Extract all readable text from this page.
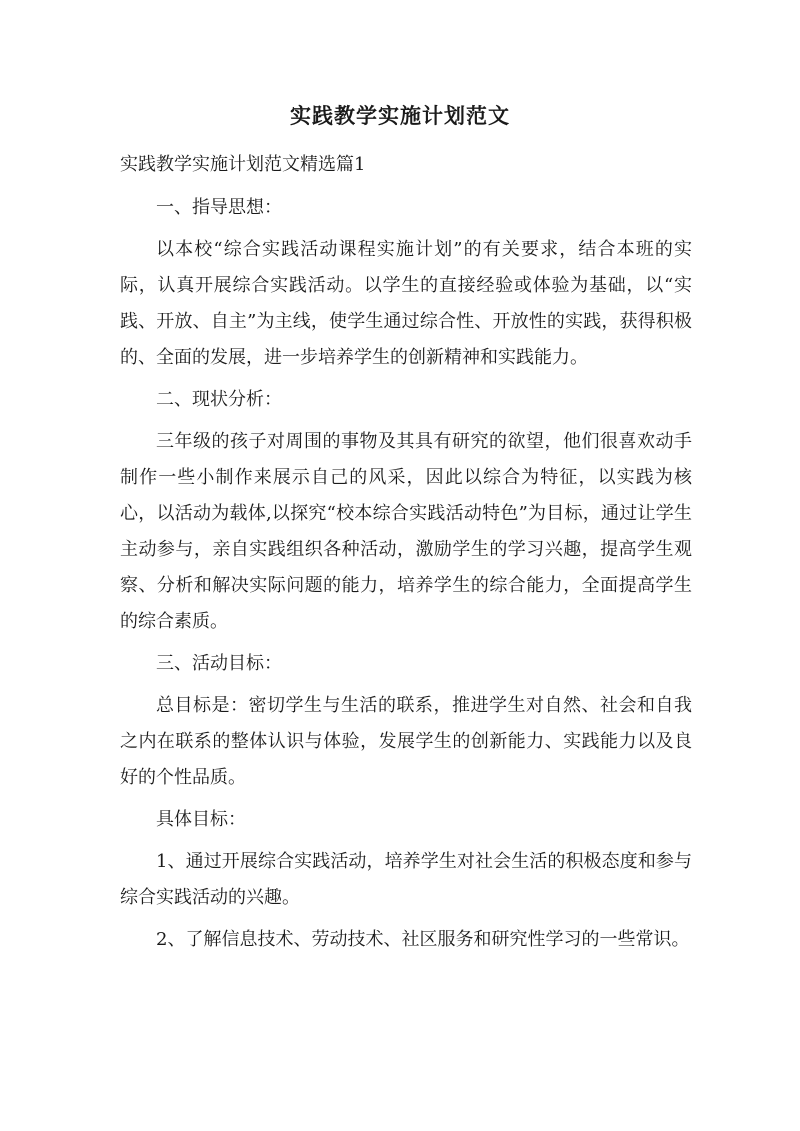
实践教学实施计划范文
实践教学实施计划范文精选篇1

一、指导思想：

以本校“综合实践活动课程实施计划”的有关要求，结合本班的实际，认真开展综合实践活动。以学生的直接经验或体验为基础，以“实践、开放、自主”为主线，使学生通过综合性、开放性的实践，获得积极的、全面的发展，进一步培养学生的创新精神和实践能力。

二、现状分析：

三年级的孩子对周围的事物及其具有研究的欲望，他们很喜欢动手制作一些小制作来展示自己的风采，因此以综合为特征，以实践为核心，以活动为载体,以探究“校本综合实践活动特色”为目标，通过让学生主动参与，亲自实践组织各种活动，激励学生的学习兴趣，提高学生观察、分析和解决实际问题的能力，培养学生的综合能力，全面提高学生的综合素质。

三、活动目标：

总目标是：密切学生与生活的联系，推进学生对自然、社会和自我之内在联系的整体认识与体验，发展学生的创新能力、实践能力以及良好的个性品质。

具体目标：

1、通过开展综合实践活动，培养学生对社会生活的积极态度和参与综合实践活动的兴趣。

2、了解信息技术、劳动技术、社区服务和研究性学习的一些常识。
